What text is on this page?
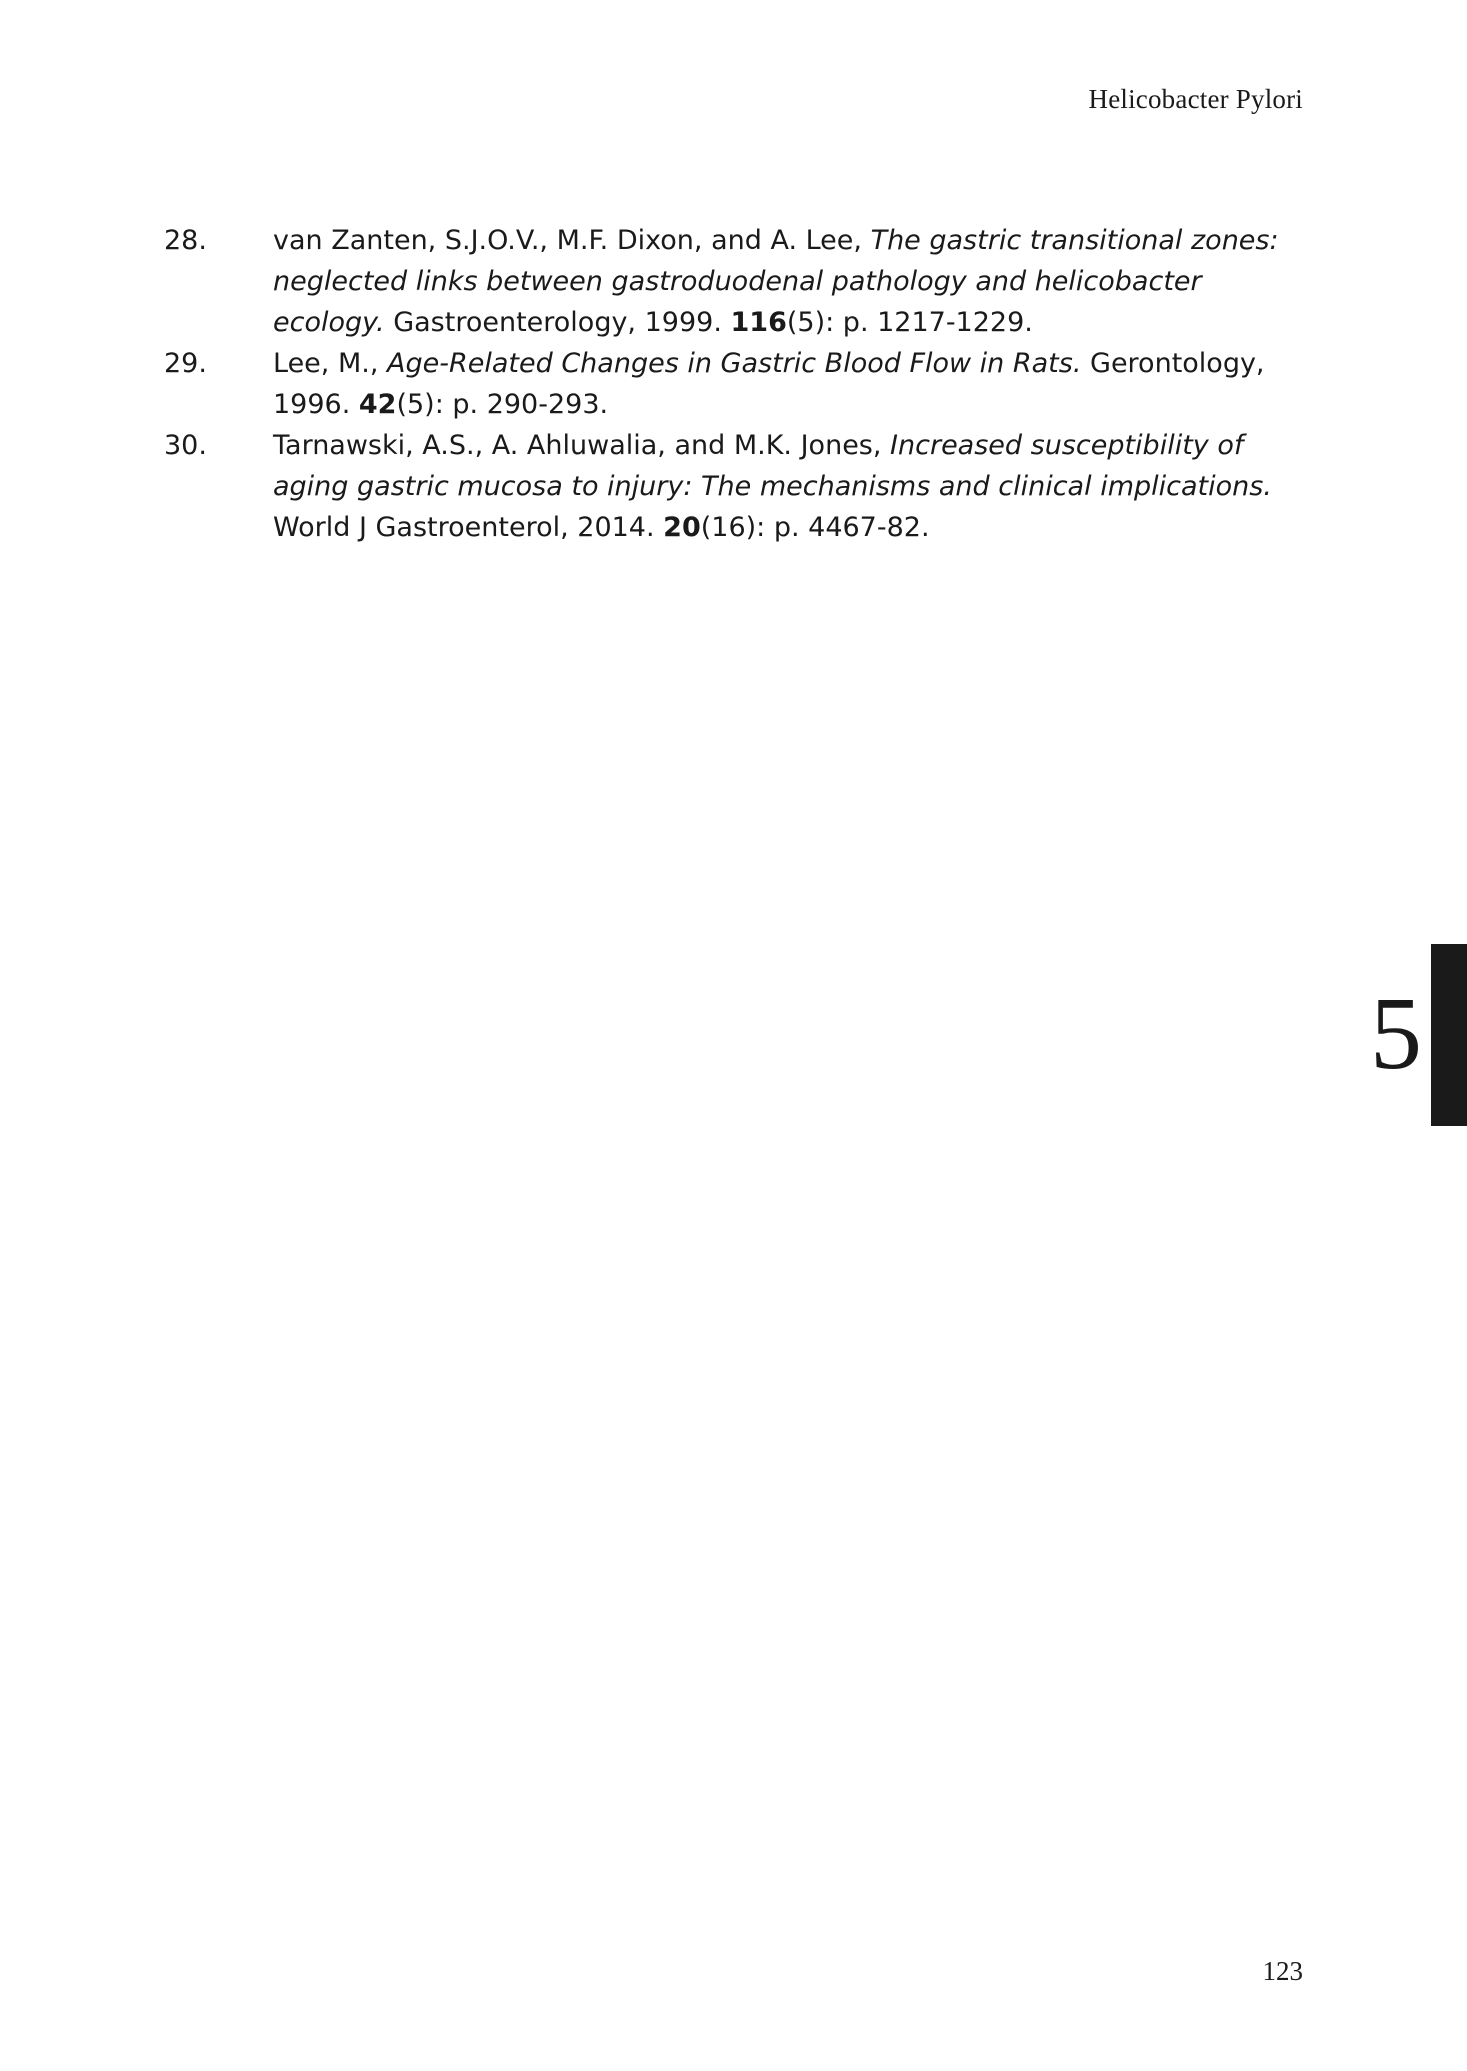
Helicobacter Pylori
28.	van Zanten, S.J.O.V., M.F. Dixon, and A. Lee, The gastric transitional zones: neglected links between gastroduodenal pathology and helicobacter ecology. Gastroenterology, 1999. 116(5): p. 1217-1229.
29.	Lee, M., Age-Related Changes in Gastric Blood Flow in Rats. Gerontology, 1996. 42(5): p. 290-293.
30.	Tarnawski, A.S., A. Ahluwalia, and M.K. Jones, Increased susceptibility of aging gastric mucosa to injury: The mechanisms and clinical implications. World J Gastroenterol, 2014. 20(16): p. 4467-82.
5
123
